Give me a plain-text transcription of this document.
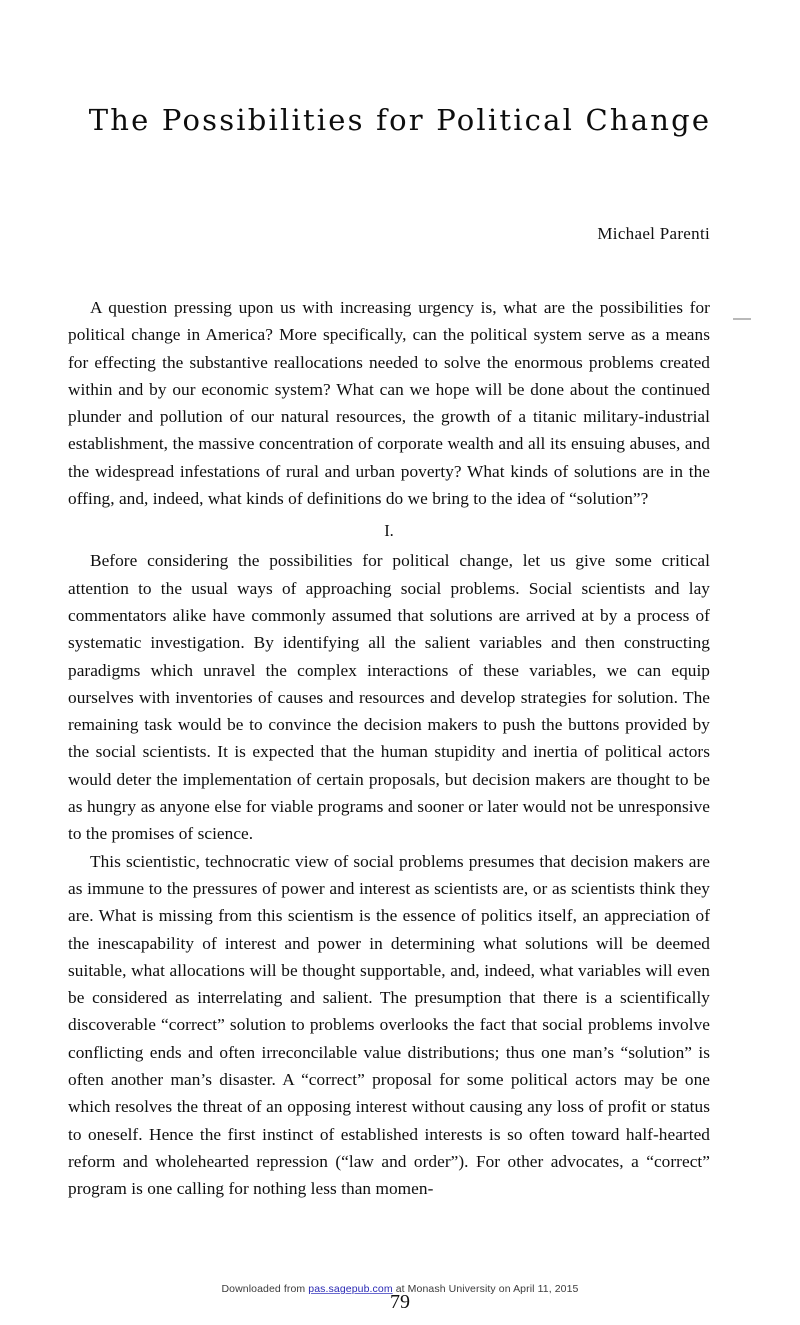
The Possibilities for Political Change
Michael Parenti

A question pressing upon us with increasing urgency is, what are the possibilities for political change in America? More specifically, can the political system serve as a means for effecting the substantive reallocations needed to solve the enormous problems created within and by our economic system? What can we hope will be done about the continued plunder and pollution of our natural resources, the growth of a titanic military-industrial establishment, the massive concentration of corporate wealth and all its ensuing abuses, and the widespread infestations of rural and urban poverty? What kinds of solutions are in the offing, and, indeed, what kinds of definitions do we bring to the idea of “solution”?

I.

Before considering the possibilities for political change, let us give some critical attention to the usual ways of approaching social problems. Social scientists and lay commentators alike have commonly assumed that solutions are arrived at by a process of systematic investigation. By identifying all the salient variables and then constructing paradigms which unravel the complex interactions of these variables, we can equip ourselves with inventories of causes and resources and develop strategies for solution. The remaining task would be to convince the decision makers to push the buttons provided by the social scientists. It is expected that the human stupidity and inertia of political actors would deter the implementation of certain proposals, but decision makers are thought to be as hungry as anyone else for viable programs and sooner or later would not be unresponsive to the promises of science.

This scientistic, technocratic view of social problems presumes that decision makers are as immune to the pressures of power and interest as scientists are, or as scientists think they are. What is missing from this scientism is the essence of politics itself, an appreciation of the inescapability of interest and power in determining what solutions will be deemed suitable, what allocations will be thought supportable, and, indeed, what variables will even be considered as interrelating and salient. The presumption that there is a scientifically discoverable “correct” solution to problems overlooks the fact that social problems involve conflicting ends and often irreconcilable value distributions; thus one man’s “solution” is often another man’s disaster. A “correct” proposal for some political actors may be one which resolves the threat of an opposing interest without causing any loss of profit or status to oneself. Hence the first instinct of established interests is so often toward half-hearted reform and wholehearted repression (“law and order”). For other advocates, a “correct” program is one calling for nothing less than momen-

Downloaded from pas.sagepub.com at Monash University on April 11, 2015
79
